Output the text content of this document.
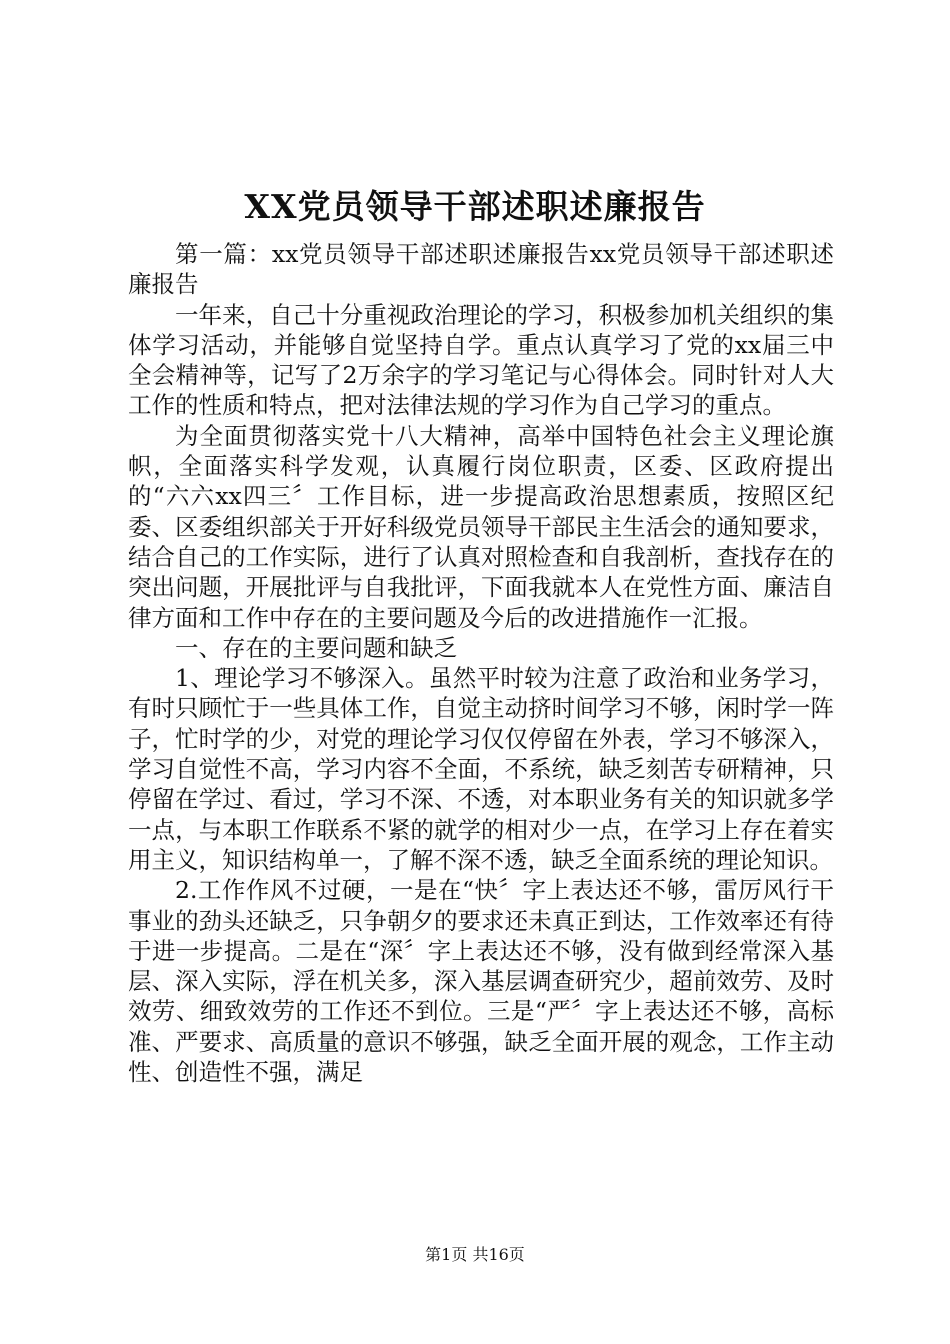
XX党员领导干部述职述廉报告

第一篇：xx党员领导干部述职述廉报告xx党员领导干部述职述廉报告

一年来，自己十分重视政治理论的学习，积极参加机关组织的集体学习活动，并能够自觉坚持自学。重点认真学习了党的xx届三中全会精神等，记写了2万余字的学习笔记与心得体会。同时针对人大工作的性质和特点，把对法律法规的学习作为自己学习的重点。

为全面贯彻落实党十八大精神，高举中国特色社会主义理论旗帜，全面落实科学发观，认真履行岗位职责，区委、区政府提出的“六六xx四三〞工作目标，进一步提高政治思想素质，按照区纪委、区委组织部关于开好科级党员领导干部民主生活会的通知要求，结合自己的工作实际，进行了认真对照检查和自我剖析，查找存在的突出问题，开展批评与自我批评，下面我就本人在党性方面、廉洁自律方面和工作中存在的主要问题及今后的改进措施作一汇报。

一、存在的主要问题和缺乏

1、理论学习不够深入。虽然平时较为注意了政治和业务学习，有时只顾忙于一些具体工作，自觉主动挤时间学习不够，闲时学一阵子，忙时学的少，对党的理论学习仅仅停留在外表，学习不够深入，学习自觉性不高，学习内容不全面，不系统，缺乏刻苦专研精神，只停留在学过、看过，学习不深、不透，对本职业务有关的知识就多学一点，与本职工作联系不紧的就学的相对少一点，在学习上存在着实用主义，知识结构单一，了解不深不透，缺乏全面系统的理论知识。

2.工作作风不过硬，一是在“快〞字上表达还不够，雷厉风行干事业的劲头还缺乏，只争朝夕的要求还未真正到达，工作效率还有待于进一步提高。二是在“深〞字上表达还不够，没有做到经常深入基层、深入实际，浮在机关多，深入基层调查研究少，超前效劳、及时效劳、细致效劳的工作还不到位。三是“严〞字上表达还不够，高标准、严要求、高质量的意识不够强，缺乏全面开展的观念，工作主动性、创造性不强，满足

第1页 共16页
